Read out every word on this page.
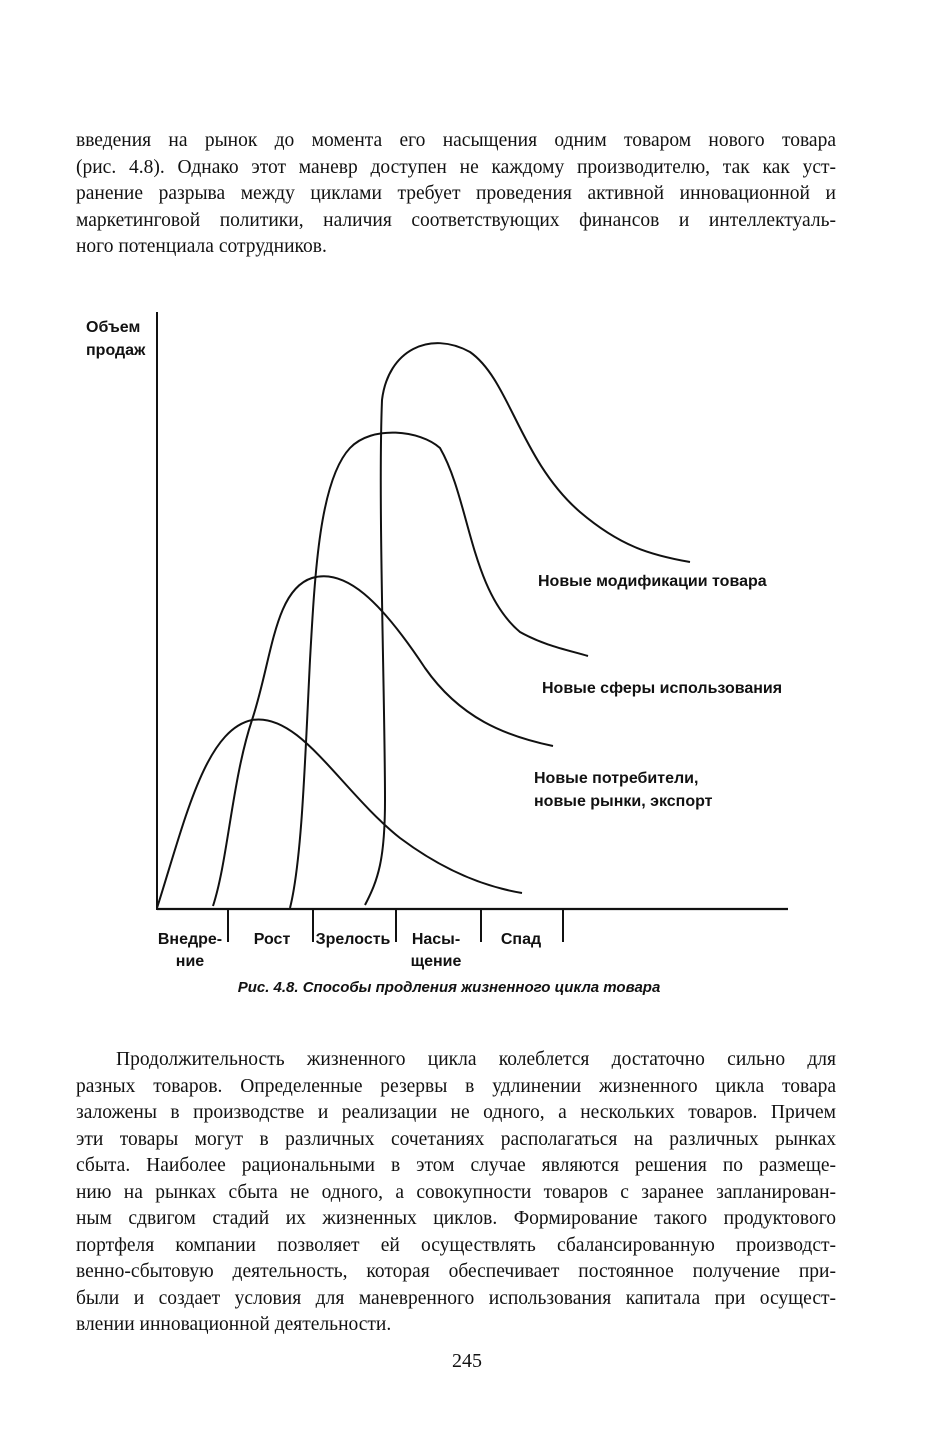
введения на рынок до момента его насыщения одним товаром нового товара
(рис. 4.8). Однако этот маневр доступен не каждому производителю, так как уст-
ранение разрыва между циклами требует проведения активной инновационной и
маркетинговой политики, наличия соответствующих финансов и интеллектуаль-
ного потенциала сотрудников.

Объем
продаж
Новые модификации товара
Новые сферы использования
Новые потребители,
новые рынки, экспорт
Внедре-
ние
Рост Зрелость Насы-
щение
Спад
Рис. 4.8. Способы продления жизненного цикла товара

Продолжительность жизненного цикла колеблется достаточно сильно для
разных товаров. Определенные резервы в удлинении жизненного цикла товара
заложены в производстве и реализации не одного, а нескольких товаров. Причем
эти товары могут в различных сочетаниях располагаться на различных рынках
сбыта. Наиболее рациональными в этом случае являются решения по размеще-
нию на рынках сбыта не одного, а совокупности товаров с заранее запланирован-
ным сдвигом стадий их жизненных циклов. Формирование такого продуктового
портфеля компании позволяет ей осуществлять сбалансированную производст-
венно-сбытовую деятельность, которая обеспечивает постоянное получение при-
были и создает условия для маневренного использования капитала при осущест-
влении инновационной деятельности.

245
